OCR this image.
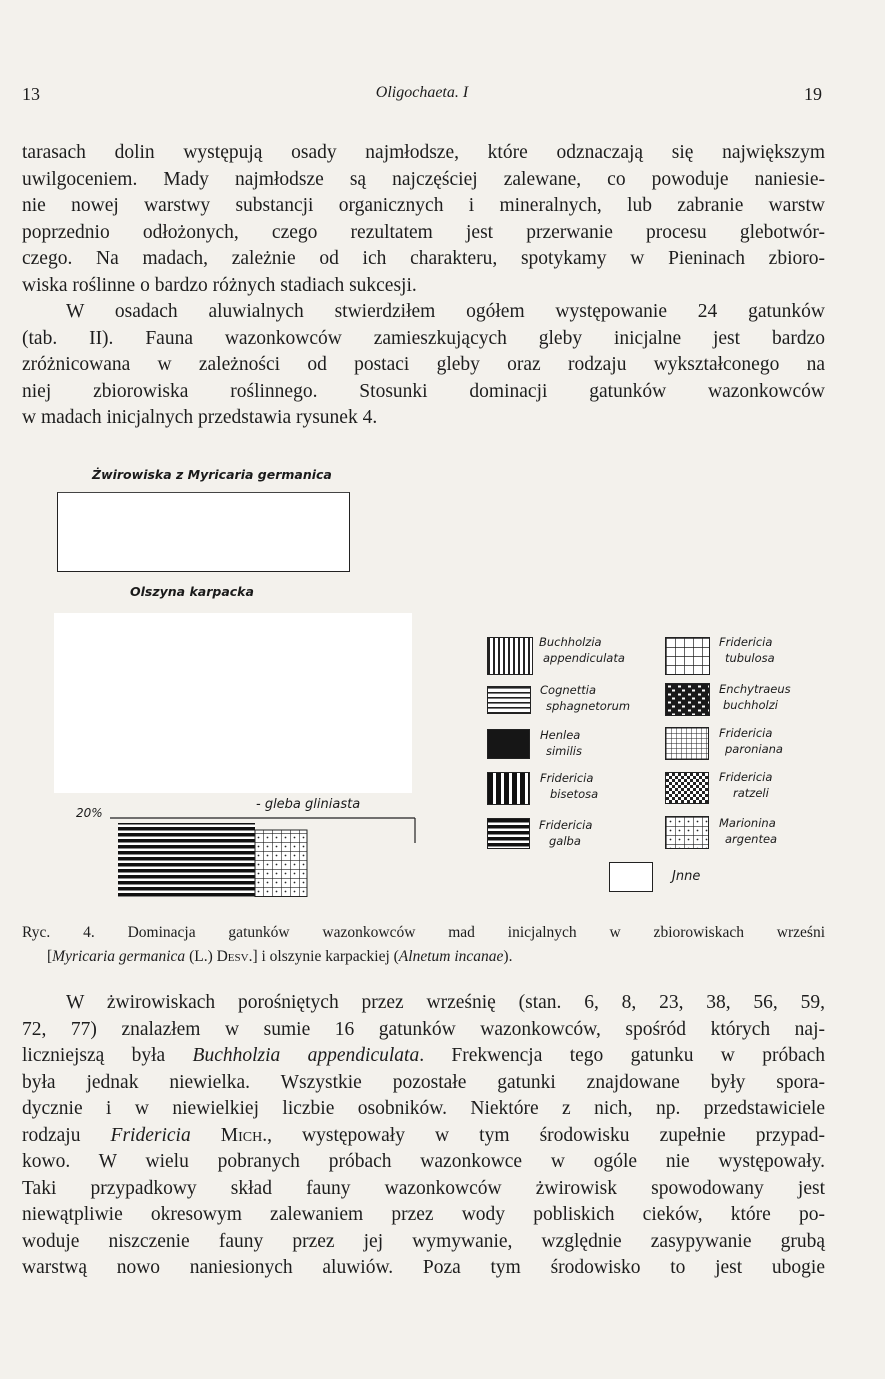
13	Oligochaeta. I	19
tarasach dolin występują osady najmłodsze, które odznaczają się największym
uwilgoceniem. Mady najmłodsze są najczęściej zalewane, co powoduje naniesie-
nie nowej warstwy substancji organicznych i mineralnych, lub zabranie warstw
poprzednio odłożonych, czego rezultatem jest przerwanie procesu glebotwór-
czego. Na madach, zależnie od ich charakteru, spotykamy w Pieninach zbioro-
wiska roślinne o bardzo różnych stadiach sukcesji.
W osadach aluwialnych stwierdziłem ogółem występowanie 24 gatunków
(tab. II). Fauna wazonkowców zamieszkujących gleby inicjalne jest bardzo
zróżnicowana w zależności od postaci gleby oraz rodzaju wykształconego na
niej zbiorowiska roślinnego. Stosunki dominacji gatunków wazonkowców
w madach inicjalnych przedstawia rysunek 4.
Żwirowiska z Myricaria germanica
Olszyna karpacka
20%
- gleba gliniasta
Buchholzia
appendiculata
Cognettia
sphagnetorum
Henlea
similis
Fridericia
bisetosa
Fridericia
galba
Fridericia
tubulosa
Enchytraeus
buchholzi
Fridericia
paroniana
Fridericia
ratzeli
Marionina
argentea
Jnne
Ryc. 4. Dominacja gatunków wazonkowców mad inicjalnych w zbiorowiskach wrześni
[Myricaria germanica (L.) Desv.] i olszynie karpackiej (Alnetum incanae).
W żwirowiskach porośniętych przez wrześnię (stan. 6, 8, 23, 38, 56, 59,
72, 77) znalazłem w sumie 16 gatunków wazonkowców, spośród których naj-
liczniejszą była Buchholzia appendiculata. Frekwencja tego gatunku w próbach
była jednak niewielka. Wszystkie pozostałe gatunki znajdowane były spora-
dycznie i w niewielkiej liczbie osobników. Niektóre z nich, np. przedstawiciele
rodzaju Fridericia Mich., występowały w tym środowisku zupełnie przypad-
kowo. W wielu pobranych próbach wazonkowce w ogóle nie występowały.
Taki przypadkowy skład fauny wazonkowców żwirowisk spowodowany jest
niewątpliwie okresowym zalewaniem przez wody pobliskich cieków, które po-
woduje niszczenie fauny przez jej wymywanie, względnie zasypywanie grubą
warstwą nowo naniesionych aluwiów. Poza tym środowisko to jest ubogie
